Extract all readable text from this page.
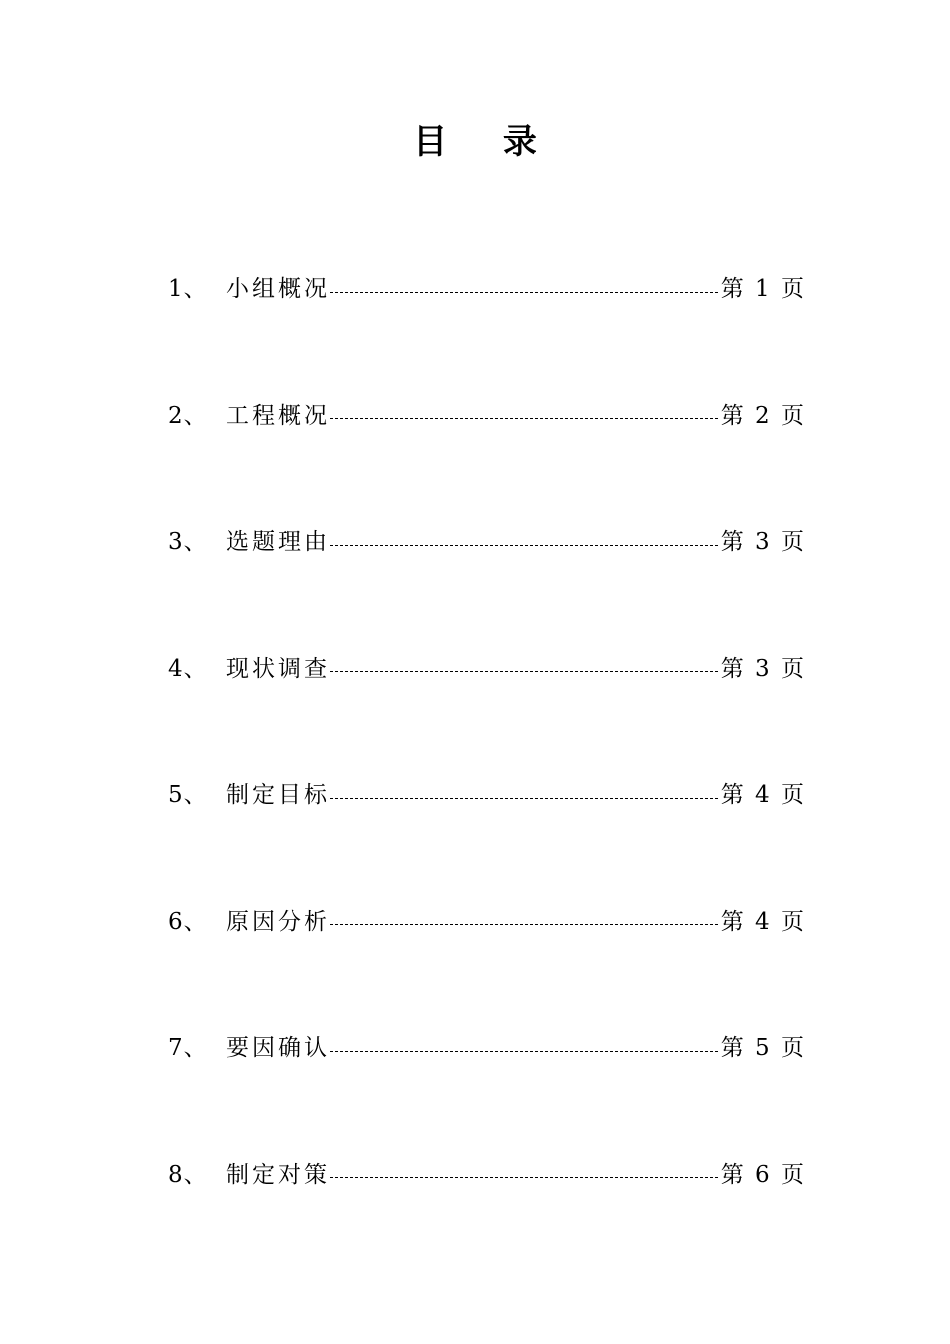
目 录
1、 小组概况	第 1 页
2、 工程概况	第 2 页
3、 选题理由	第 3 页
4、 现状调查	第 3 页
5、 制定目标	第 4 页
6、 原因分析	第 4 页
7、 要因确认	第 5 页
8、 制定对策	第 6 页
